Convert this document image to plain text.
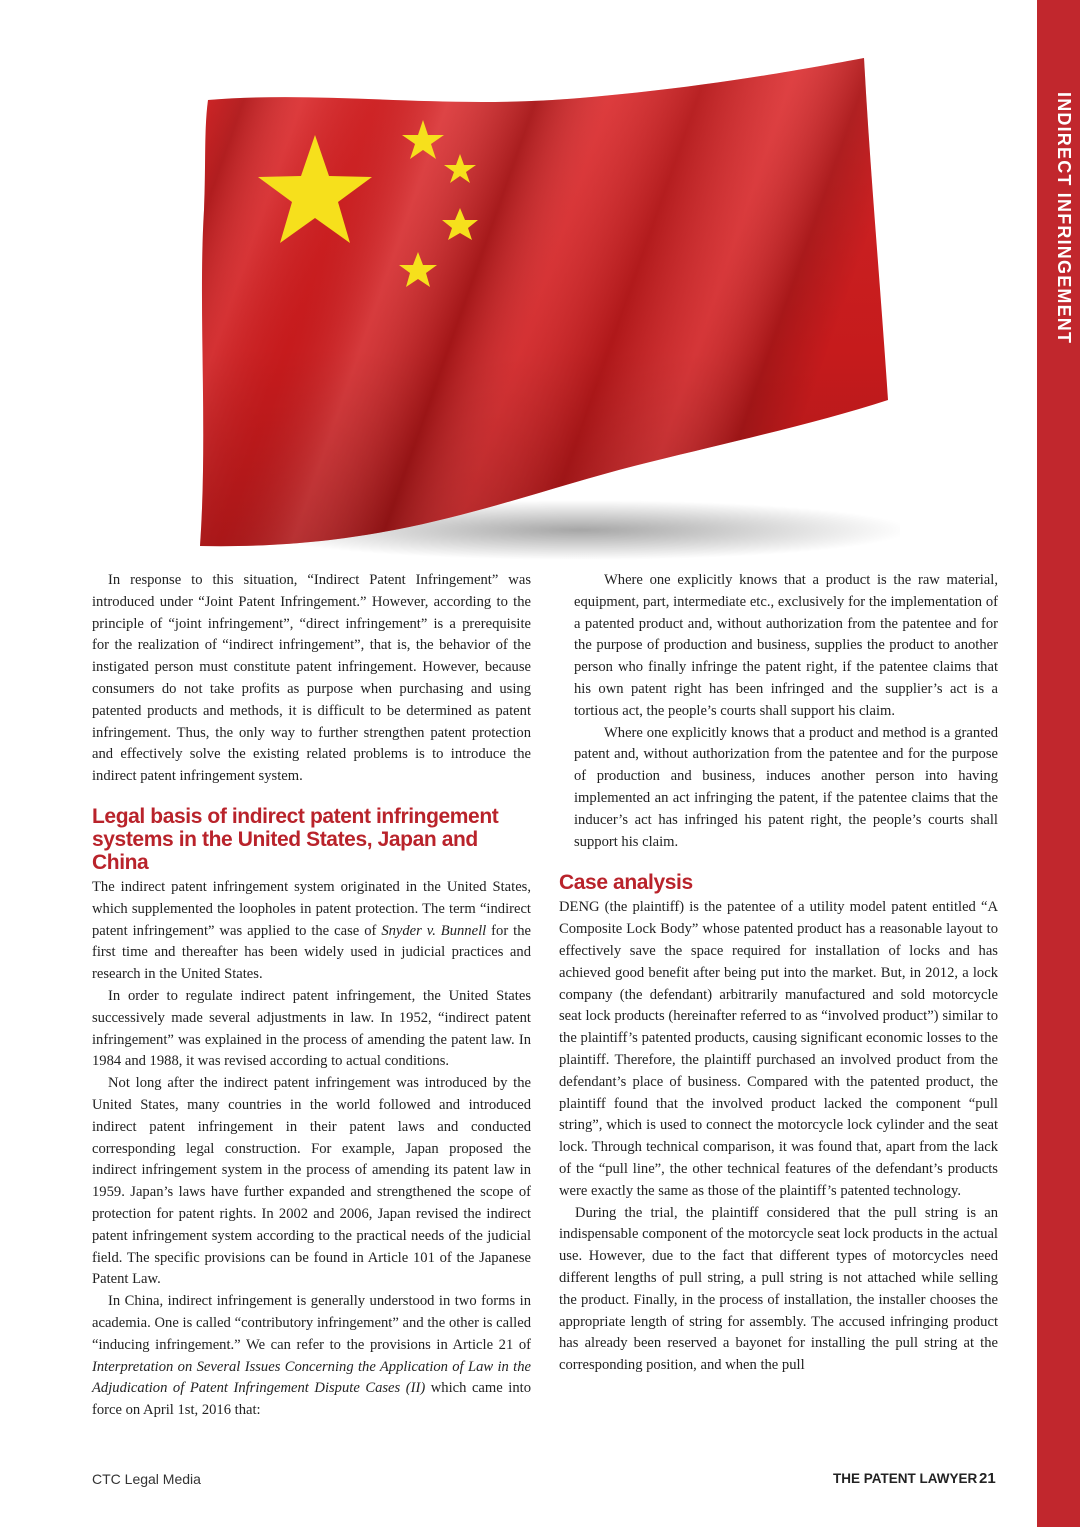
INDIRECT INFRINGEMENT

In response to this situation, “Indirect Patent Infringement” was introduced under “Joint Patent Infringement.” However, according to the principle of “joint infringement”, “direct infringement” is a prerequisite for the realization of “indirect infringement”, that is, the behavior of the instigated person must constitute patent infringement. However, because consumers do not take profits as purpose when purchasing and using patented products and methods, it is difficult to be determined as patent infringement. Thus, the only way to further strengthen patent protection and effectively solve the existing related problems is to introduce the indirect patent infringement system.

Legal basis of indirect patent infringement systems in the United States, Japan and China

The indirect patent infringement system originated in the United States, which supplemented the loopholes in patent protection. The term “indirect patent infringement” was applied to the case of Snyder v. Bunnell for the first time and thereafter has been widely used in judicial practices and research in the United States.

In order to regulate indirect patent infringement, the United States successively made several adjustments in law. In 1952, “indirect patent infringement” was explained in the process of amending the patent law. In 1984 and 1988, it was revised according to actual conditions.

Not long after the indirect patent infringement was introduced by the United States, many countries in the world followed and introduced indirect patent infringement in their patent laws and conducted corresponding legal construction. For example, Japan proposed the indirect infringement system in the process of amending its patent law in 1959. Japan’s laws have further expanded and strengthened the scope of protection for patent rights. In 2002 and 2006, Japan revised the indirect patent infringement system according to the practical needs of the judicial field. The specific provisions can be found in Article 101 of the Japanese Patent Law.

In China, indirect infringement is generally understood in two forms in academia. One is called “contributory infringement” and the other is called “inducing infringement.” We can refer to the provisions in Article 21 of Interpretation on Several Issues Concerning the Application of Law in the Adjudication of Patent Infringement Dispute Cases (II) which came into force on April 1st, 2016 that:

Where one explicitly knows that a product is the raw material, equipment, part, intermediate etc., exclusively for the implementation of a patented product and, without authorization from the patentee and for the purpose of production and business, supplies the product to another person who finally infringe the patent right, if the patentee claims that his own patent right has been infringed and the supplier’s act is a tortious act, the people’s courts shall support his claim.

Where one explicitly knows that a product and method is a granted patent and, without authorization from the patentee and for the purpose of production and business, induces another person into having implemented an act infringing the patent, if the patentee claims that the inducer’s act has infringed his patent right, the people’s courts shall support his claim.

Case analysis

DENG (the plaintiff) is the patentee of a utility model patent entitled “A Composite Lock Body” whose patented product has a reasonable layout to effectively save the space required for installation of locks and has achieved good benefit after being put into the market. But, in 2012, a lock company (the defendant) arbitrarily manufactured and sold motorcycle seat lock products (hereinafter referred to as “involved product”) similar to the plaintiff’s patented products, causing significant economic losses to the plaintiff. Therefore, the plaintiff purchased an involved product from the defendant’s place of business. Compared with the patented product, the plaintiff found that the involved product lacked the component “pull string”, which is used to connect the motorcycle lock cylinder and the seat lock. Through technical comparison, it was found that, apart from the lack of the “pull line”, the other technical features of the defendant’s products were exactly the same as those of the plaintiff’s patented technology.

During the trial, the plaintiff considered that the pull string is an indispensable component of the motorcycle seat lock products in the actual use. However, due to the fact that different types of motorcycles need different lengths of pull string, a pull string is not attached while selling the product. Finally, in the process of installation, the installer chooses the appropriate length of string for assembly. The accused infringing product has already been reserved a bayonet for installing the pull string at the corresponding position, and when the pull

CTC Legal Media	THE PATENT LAWYER 21
